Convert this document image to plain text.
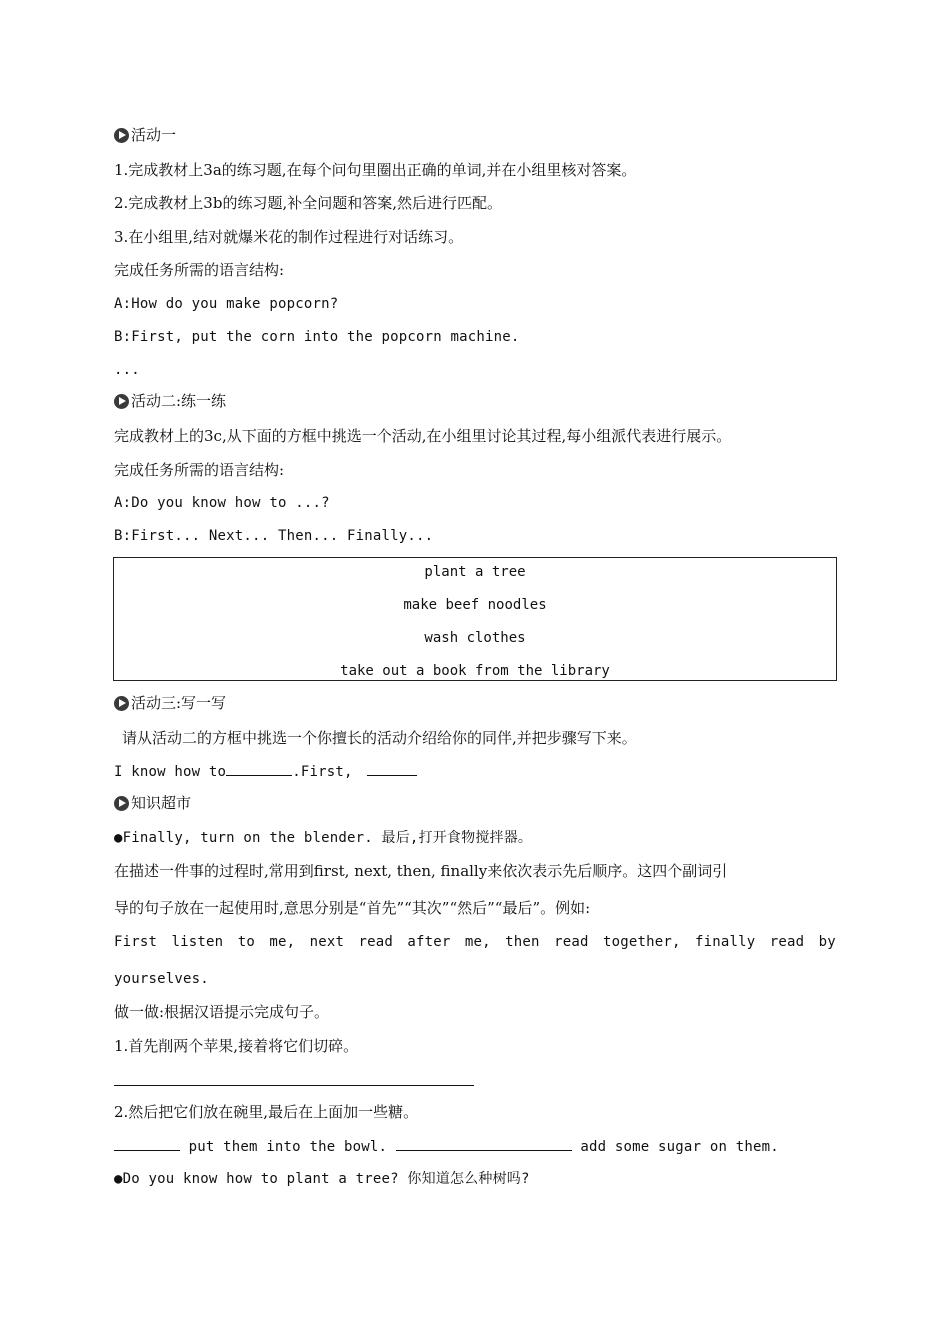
活动一
1.完成教材上3a的练习题,在每个问句里圈出正确的单词,并在小组里核对答案。
2.完成教材上3b的练习题,补全问题和答案,然后进行匹配。
3.在小组里,结对就爆米花的制作过程进行对话练习。
完成任务所需的语言结构:
A:How do you make popcorn?
B:First, put the corn into the popcorn machine.
...
活动二:练一练
完成教材上的3c,从下面的方框中挑选一个活动,在小组里讨论其过程,每小组派代表进行展示。
完成任务所需的语言结构:
A:Do you know how to ...?
B:First... Next... Then... Finally...
plant a tree
make beef noodles
wash clothes
take out a book from the library
活动三:写一写
请从活动二的方框中挑选一个你擅长的活动介绍给你的同伴,并把步骤写下来。
I know how to	.First,
知识超市
●Finally, turn on the blender. 最后,打开食物搅拌器。
在描述一件事的过程时,常用到first, next, then, finally来依次表示先后顺序。这四个副词引
导的句子放在一起使用时,意思分别是“首先”“其次”“然后”“最后”。例如:
First listen to me, next read after me, then read together, finally read by
yourselves.
做一做:根据汉语提示完成句子。
1.首先削两个苹果,接着将它们切碎。
2.然后把它们放在碗里,最后在上面加一些糖。
put them into the bowl.	add some sugar on them.
●Do you know how to plant a tree? 你知道怎么种树吗?
